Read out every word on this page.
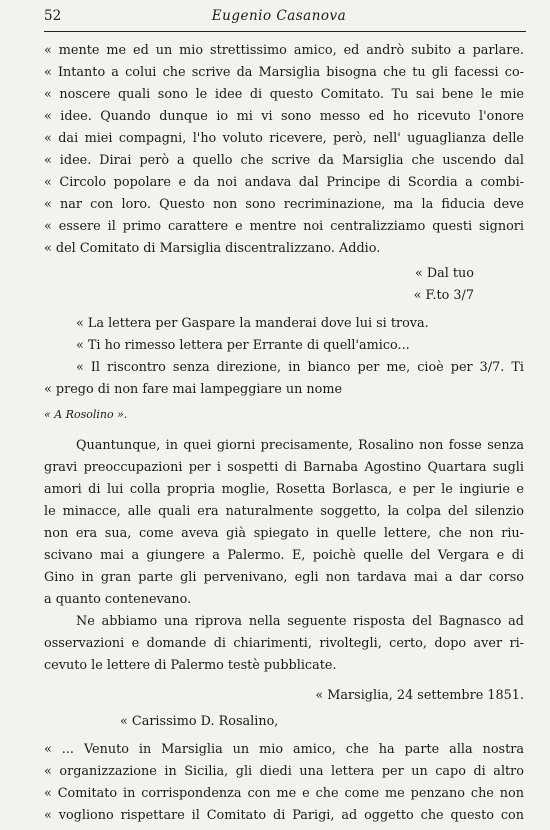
52	Eugenio Casanova
« mente me ed un mio strettissimo amico, ed andrò subito a parlare.
« Intanto a colui che scrive da Marsiglia bisogna che tu gli facessi co-
« noscere quali sono le idee di questo Comitato. Tu sai bene le mie
« idee. Quando dunque io mi vi sono messo ed ho ricevuto l'onore
« dai miei compagni, l'ho voluto ricevere, però, nell' uguaglianza delle
« idee. Dirai però a quello che scrive da Marsiglia che uscendo dal
« Circolo popolare e da noi andava dal Principe di Scordia a combi-
« nar con loro. Questo non sono recriminazione, ma la fiducia deve
« essere il primo carattere e mentre noi centralizziamo questi signori
« del Comitato di Marsiglia discentralizzano. Addio.
« Dal tuo
« F.to 3/7
« La lettera per Gaspare la manderai dove lui si trova.
« Ti ho rimesso lettera per Errante di quell'amico...
« Il riscontro senza direzione, in bianco per me, cioè per 3/7. Ti
« prego di non fare mai lampeggiare un nome
« A Rosolino ».
Quantunque, in quei giorni precisamente, Rosalino non fosse senza
gravi preoccupazioni per i sospetti di Barnaba Agostino Quartara sugli
amori di lui colla propria moglie, Rosetta Borlasca, e per le ingiurie e
le minacce, alle quali era naturalmente soggetto, la colpa del silenzio
non era sua, come aveva già spiegato in quelle lettere, che non riu-
scivano mai a giungere a Palermo. E, poichè quelle del Vergara e di
Gino in gran parte gli pervenivano, egli non tardava mai a dar corso
a quanto contenevano.
Ne abbiamo una riprova nella seguente risposta del Bagnasco ad
osservazioni e domande di chiarimenti, rivoltegli, certo, dopo aver ri-
cevuto le lettere di Palermo testè pubblicate.
« Marsiglia, 24 settembre 1851.
« Carissimo D. Rosalino,
« ... Venuto in Marsiglia un mio amico, che ha parte alla nostra
« organizzazione in Sicilia, gli diedi una lettera per un capo di altro
« Comitato in corrispondenza con me e che come me penzano che non
« vogliono rispettare il Comitato di Parigi, ad oggetto che questo con
